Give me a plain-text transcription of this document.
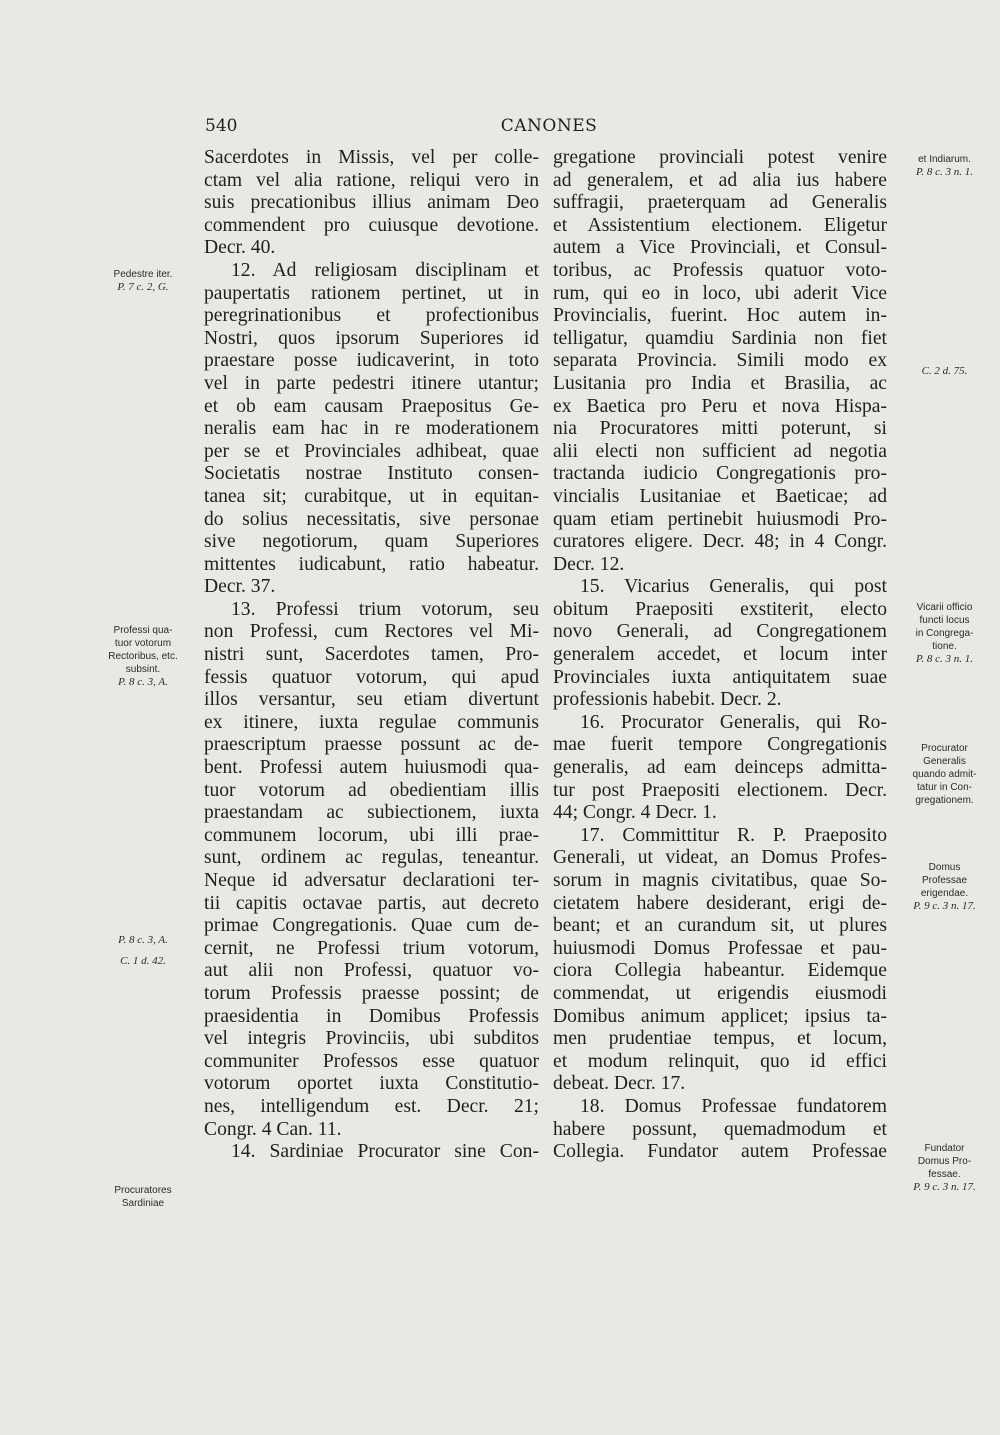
540	CANONES
Sacerdotes in Missis, vel per colle-
ctam vel alia ratione, reliqui vero in
suis precationibus illius animam Deo
commendent pro cuiusque devotione.
Decr. 40.
12. Ad religiosam disciplinam et
paupertatis rationem pertinet, ut in
peregrinationibus et profectionibus
Nostri, quos ipsorum Superiores id
praestare posse iudicaverint, in toto
vel in parte pedestri itinere utantur;
et ob eam causam Praepositus Ge-
neralis eam hac in re moderationem
per se et Provinciales adhibeat, quae
Societatis nostrae Instituto consen-
tanea sit; curabitque, ut in equitan-
do solius necessitatis, sive personae
sive negotiorum, quam Superiores
mittentes iudicabunt, ratio habeatur.
Decr. 37.
13. Professi trium votorum, seu
non Professi, cum Rectores vel Mi-
nistri sunt, Sacerdotes tamen, Pro-
fessis quatuor votorum, qui apud
illos versantur, seu etiam divertunt
ex itinere, iuxta regulae communis
praescriptum praesse possunt ac de-
bent. Professi autem huiusmodi qua-
tuor votorum ad obedientiam illis
praestandam ac subiectionem, iuxta
communem locorum, ubi illi prae-
sunt, ordinem ac regulas, teneantur.
Neque id adversatur declarationi ter-
tii capitis octavae partis, aut decreto
primae Congregationis. Quae cum de-
cernit, ne Professi trium votorum,
aut alii non Professi, quatuor vo-
torum Professis praesse possint; de
praesidentia in Domibus Professis
vel integris Provinciis, ubi subditos
communiter Professos esse quatuor
votorum oportet iuxta Constitutio-
nes, intelligendum est. Decr. 21;
Congr. 4 Can. 11.
14. Sardiniae Procurator sine Con-
gregatione provinciali potest venire
ad generalem, et ad alia ius habere
suffragii, praeterquam ad Generalis
et Assistentium electionem. Eligetur
autem a Vice Provinciali, et Consul-
toribus, ac Professis quatuor voto-
rum, qui eo in loco, ubi aderit Vice
Provincialis, fuerint. Hoc autem in-
telligatur, quamdiu Sardinia non fiet
separata Provincia. Simili modo ex
Lusitania pro India et Brasilia, ac
ex Baetica pro Peru et nova Hispa-
nia Procuratores mitti poterunt, si
alii electi non sufficient ad negotia
tractanda iudicio Congregationis pro-
vincialis Lusitaniae et Baeticae; ad
quam etiam pertinebit huiusmodi Pro-
curatores eligere. Decr. 48; in 4 Congr.
Decr. 12.
15. Vicarius Generalis, qui post
obitum Praepositi exstiterit, electo
novo Generali, ad Congregationem
generalem accedet, et locum inter
Provinciales iuxta antiquitatem suae
professionis habebit. Decr. 2.
16. Procurator Generalis, qui Ro-
mae fuerit tempore Congregationis
generalis, ad eam deinceps admitta-
tur post Praepositi electionem. Decr.
44; Congr. 4 Decr. 1.
17. Committitur R. P. Praeposito
Generali, ut videat, an Domus Profes-
sorum in magnis civitatibus, quae So-
cietatem habere desiderant, erigi de-
beant; et an curandum sit, ut plures
huiusmodi Domus Professae et pau-
ciora Collegia habeantur. Eidemque
commendat, ut erigendis eiusmodi
Domibus animum applicet; ipsius ta-
men prudentiae tempus, et locum,
et modum relinquit, quo id effici
debeat. Decr. 17.
18. Domus Professae fundatorem
habere possunt, quemadmodum et
Collegia. Fundator autem Professae
Pedestre iter.
P. 7 c. 2, G.
Professi qua-
tuor votorum
Rectoribus, etc.
subsint.
P. 8 c. 3, A.
P. 8 c. 3, A.
C. 1 d. 42.
Procuratores
Sardiniae
et Indiarum.
P. 8 c. 3 n. 1.
C. 2 d. 75.
Vicarii officio
functi locus
in Congrega-
tione.
P. 8 c. 3 n. 1.
Procurator
Generalis
quando admit-
tatur in Con-
gregationem.
Domus
Professae
erigendae.
P. 9 c. 3 n. 17.
Fundator
Domus Pro-
fessae.
P. 9 c. 3 n. 17.
